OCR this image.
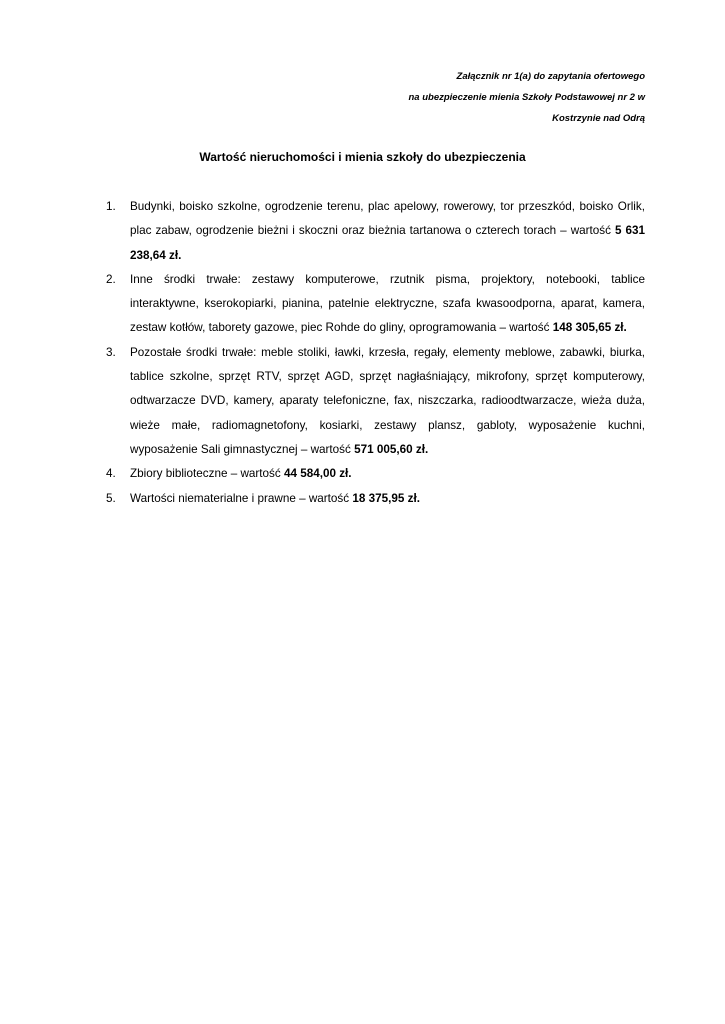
Załącznik nr 1(a) do zapytania ofertowego
na ubezpieczenie mienia Szkoły Podstawowej nr 2 w
Kostrzynie nad Odrą
Wartość nieruchomości i mienia szkoły do ubezpieczenia
1. Budynki, boisko szkolne, ogrodzenie terenu, plac apelowy, rowerowy, tor przeszkód, boisko Orlik, plac zabaw, ogrodzenie bieżni i skoczni oraz bieżnia tartanowa o czterech torach – wartość 5 631 238,64 zł.
2. Inne środki trwałe: zestawy komputerowe, rzutnik pisma, projektory, notebooki, tablice interaktywne, kserokopiarki, pianina, patelnie elektryczne, szafa kwasoodporna, aparat, kamera, zestaw kotłów, taborety gazowe, piec Rohde do gliny, oprogramowania – wartość 148 305,65 zł.
3. Pozostałe środki trwałe: meble stoliki, ławki, krzesła, regały, elementy meblowe, zabawki, biurka, tablice szkolne, sprzęt RTV, sprzęt AGD, sprzęt nagłaśniający, mikrofony, sprzęt komputerowy, odtwarzacze DVD, kamery, aparaty telefoniczne, fax, niszczarka, radioodtwarzacze, wieża duża, wieże małe, radiomagnetofony, kosiarki, zestawy plansz, gabloty, wyposażenie kuchni, wyposażenie Sali gimnastycznej – wartość 571 005,60 zł.
4. Zbiory biblioteczne – wartość 44 584,00 zł.
5. Wartości niematerialne i prawne – wartość 18 375,95 zł.
